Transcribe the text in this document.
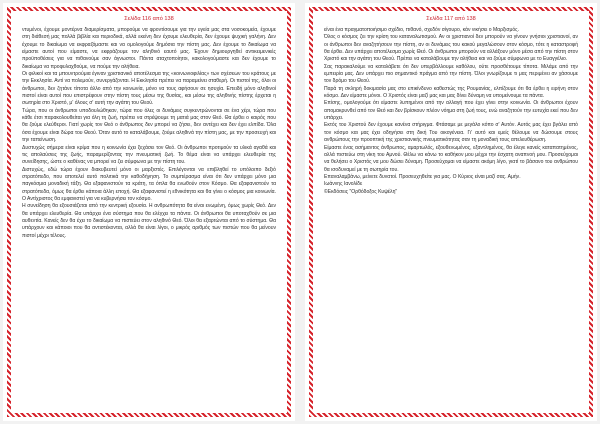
Σελίδα 116 από 138

ντυμένοι, έχουμε μοντέρνα διαμερίσματα, μπορούμε να φροντίσουμε για την υγεία μας στα νοσοκομεία, έχουμε στη διάθεσή μας πολλά βιβλία και περιοδικά, αλλά εκείνη δεν έχουμε ελευθερία, δεν έχουμε ψυχική γαλήνη. Δεν έχουμε το δικαίωμα να εκφραζόμαστε και να ομολογούμε δημόσια την πίστη μας. Δεν έχουμε το δικαίωμα να είμαστε αυτοί που είμαστε, να εκφράζουμε τον αληθινό εαυτό μας. Έχουν δημιουργηθεί αντικειμενικές προϋποθέσεις για να πιθανούμε σαν άγνωστοι. Πάντα αταχτοποίητοι, κακολογούμαστε και δεν έχουμε το δικαίωμα να προφυλαχθούμε, να πούμε την αλήθεια.

Οι φιλικοί και τα μπουντρούμια έγιναν χριστιανικό αποτέλεσμα της «κοινωνιοφιλίας» των σχέσεων του κράτους με την Εκκλησία. Αντί να πολεμούν, συνεργάζονται. Η Εκκλησία πρέπει να παραμείνει σταθερή. Οι πιστοί της, όλοι οι άνθρωποι, δεν ζητάνε τίποτα άλλο από την κοινωνία, μόνο να τους αφήσουν σε ησυχία. Επειδή μόνο αληθινοί πιστοί είναι αυτοί που επιστρέφουν στην πίστη τους μέσω της θυσίας, και μέσω της αληθινής πίστης έρχεται η σωτηρία στο Χριστό, μ' όλους σ' αυτή την αγάπη του Θεού.

Τώρα, που οι άνθρωποι υποδουλώθηκαν, τώρα που όλες οι δυνάμεις συγκεντρώνονται σε ένα χέρι, τώρα που κάθε έτσι παρακολουθείται για όλη τη ζωή, πρέπει να στρέψουμε τη ματιά μας στον Θεό. Θα έρθει ο καιρός που θα ζούμε ελεύθεροι. Γιατί χωρίς τον Θεό ο άνθρωπος δεν μπορεί να ζήσει, δεν αντέχει και δεν έχει ελπίδα. Όλα όσα έχουμε είναι δώρα του Θεού. Όταν αυτό το καταλάβουμε, ζούμε αληθινά την πίστη μας, με την προσευχή και την ταπείνωση.

Δυστυχώς σήμερα είναι κρίμα που η κοινωνία έχει ξεχάσει τον Θεό. Οι άνθρωποι προτιμούν τα υλικά αγαθά και τις απολαύσεις της ζωής, παραμερίζοντας την πνευματική ζωή. Το θέμα είναι να υπάρχει ελευθερία της συνείδησης, ώστε ο καθένας να μπορεί να ζει σύμφωνα με την πίστη του.

Διστυχώς, εδώ τώρα έχουν διακυβευτεί μόνο οι μαρξιστές. Επιλέγονται να επιβληθεί το υπόλοιπο δεξιό στρατόπεδο, που αποτελεί αυτό πολιτικά την καθοδήγηση. Το συμπέρασμα είναι ότι δεν υπάρχει μόνο μια παγκόσμια μοναδική τάξη. Θα εξαφανιστούν τα κράτη, τα όπλα θα ενωθούν στον Κόσμο. Θα εξαφανιστούν τα στρατόπεδα, όμως θα έρθει κάποια άλλη εποχή. Θα εξαφανιστεί η εθνικότητα και θα γίνει ο κόσμος μια κοινωνία. Ο Αντίχριστος θα εμφανιστεί για να κυβερνήσει τον κόσμο.

Η συνείδηση θα εξουσιάζεται από την κεντρική εξουσία. Η ανθρωπότητα θα είναι ενωμένη, όμως χωρίς Θεό. Δεν θα υπάρχει ελευθερία. Θα υπάρχει ένα σύστημα που θα ελέγχει τα πάντα. Οι άνθρωποι θα υποταχθούν σε μια αυθεντία. Κανείς δεν θα έχει το δικαίωμα να πιστεύει στον αληθινό Θεό. Όλοι θα εξαρτώνται από το σύστημα. Θα υπάρχουν και κάποιοι που θα αντιστέκονται, αλλά θα είναι λίγοι, ο μικρός αριθμός των πιστών που θα μείνουν πιστοί μέχρι τέλους.

Σελίδα 117 από 138

είναι ένα πραγματοποιήσιμο σχέδιο, πιθανό, σχεδόν σίγουρο, κάν νικήσει ο Μαρξισμός.

Όλος ο κόσμος ζει την κρίση του καταναλωτισμού. Αν οι χριστιανοί δεν μπορούν να γίνουν γνήσιοι χριστιανοί, αν οι άνθρωποι δεν αναζητήσουν την πίστη, αν οι δυνάμεις του κακού μεγαλώσουν στον κόσμο, τότε η καταστροφή θα έρθει. Δεν υπάρχει αποτέλεσμα χωρίς Θεό. Οι άνθρωποι μπορούν να αλλάξουν μόνο μέσα από την πίστη στον Χριστό και την αγάπη του Θεού. Πρέπει να καταλάβουμε την αλήθεια και να ζούμε σύμφωνα με το Ευαγγέλιο.

Σας παρακαλούμε να καταλάβετε ότι δεν υπερβάλλουμε καθόλου, ούτε προσθέτουμε τίποτα. Μιλάμε από την εμπειρία μας. Δεν υπάρχει πιο σημαντικό πράγμα από την πίστη. Όλοι γνωρίζουμε τι μας περιμένει αν χάσουμε τον δρόμο του Θεού.

Παρά τη σκληρή δοκιμασία μας στο επικίνδυνο καθεστώς της Ρουμανίας, ελπίζουμε ότι θα έρθει η ειρήνη στον κόσμο. Δεν είμαστε μόνοι. Ο Χριστός είναι μαζί μας και μας δίνει δύναμη να υπομείνουμε τα πάντα.

Επίσης, ομολογούμε ότι είμαστε λυπημένοι από την αλλαγή που έχει γίνει στην κοινωνία. Οι άνθρωποι έχουν απομακρυνθεί από τον Θεό και δεν βρίσκουν πλέον νόημα στη ζωή τους, ενώ αναζητούν την ευτυχία εκεί που δεν υπάρχει.

Εκτός του Χριστού δεν έχουμε κανένα στήριγμα. Φτάσαμε με μεγάλο κόπο σ' Αυτόν. Αυτός μας έχει βγάλει από τον κόσμο και μας έχει οδηγήσει στη δική Του οικογένεια. Γι' αυτό και εμείς θέλουμε να δώσουμε στους ανθρώπους την προοπτική της χριστιανικής πνευματικότητας σαν τη μοναδική τους απελευθέρωση.

Είμαστε ένας ασήμαντος άνθρωπος, αμαρτωλός, εξουθενωμένος, εξαντλημένος, θα έλεγε κανείς καταπατημένος, αλλά πιστεύω στη νίκη του Αμνού. Θέλω να κάνω το καθήκον μου μέχρι την έσχατη αναπνοή μου. Προσεύχομαι να θελήσει ο Χριστός να μου δώσει δύναμη. Προσεύχομαι να είμαστε ακόμη λίγο, γιατί το βάσανο του ανθρώπου θα ισοδυναμεί με τη σωτηρία του.

Επαναλαμβάνω, μείνετε δυνατοί. Προσευχηθείτε για μας. Ο Κύριος είναι μαζί σας. Αμήν.

Ιωάννης Ιανολίδε

©Εκδόσεις "Ορθόδοξος Κυψέλη"
